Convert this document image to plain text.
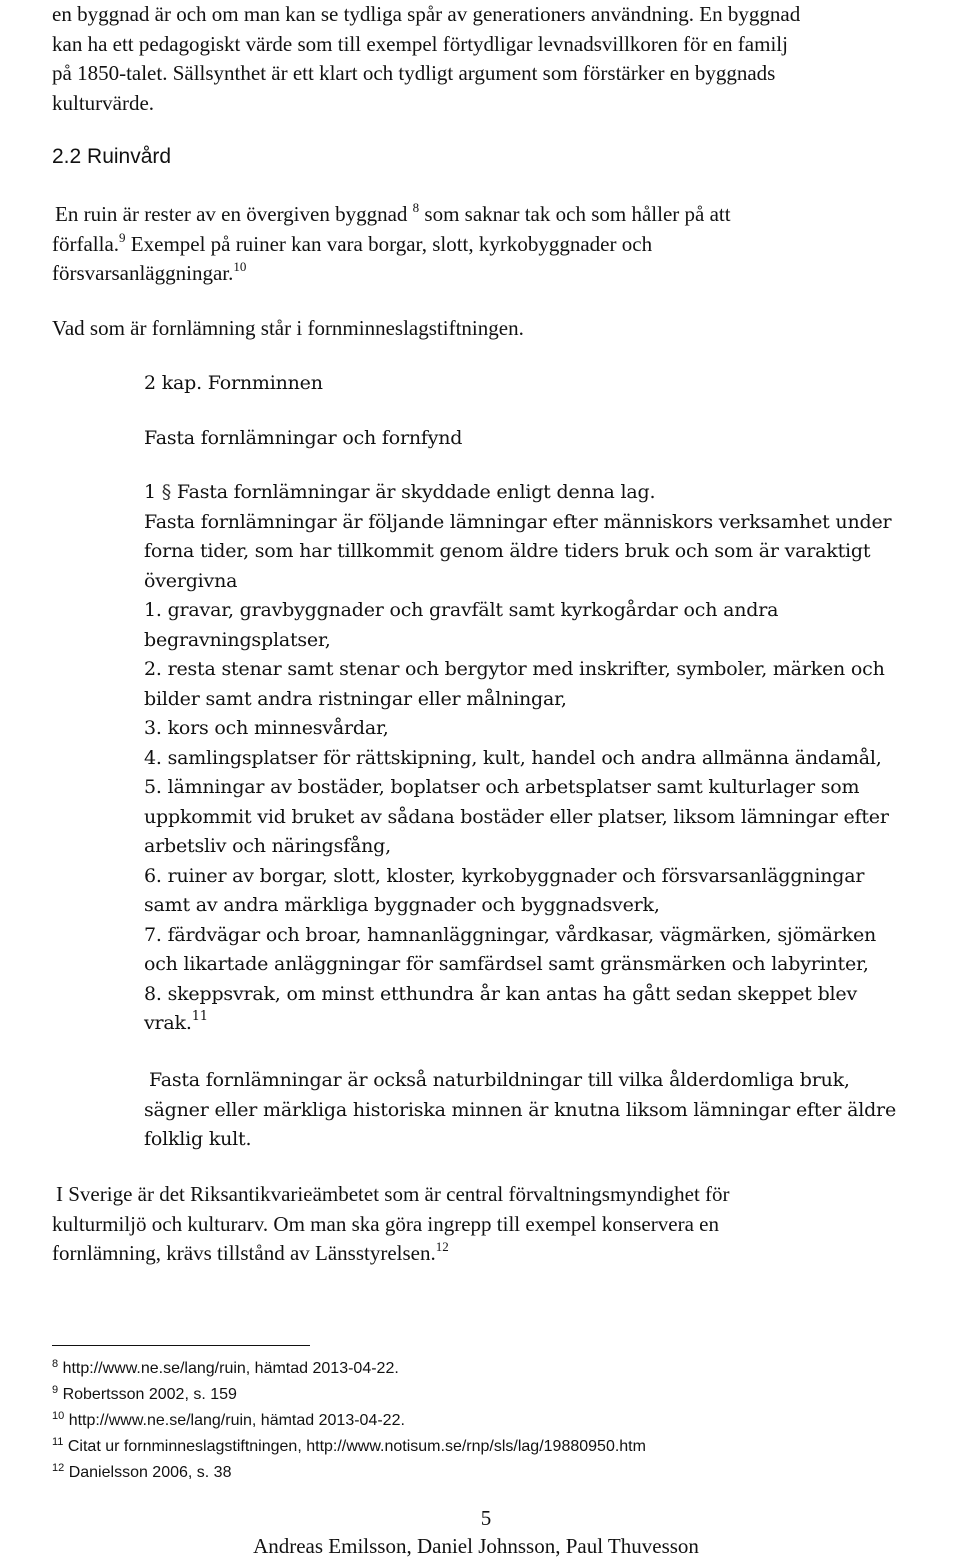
en byggnad är och om man kan se tydliga spår av generationers användning. En byggnad

kan ha ett pedagogiskt värde som till exempel förtydligar levnadsvillkoren för en familj

på 1850-talet. Sällsynthet är ett klart och tydligt argument som förstärker en byggnads

kulturvärde.

2.2 Ruinvård

En ruin är rester av en övergiven byggnad $^8$ som saknar tak och som håller på att

förfalla.$^9$ Exempel på ruiner kan vara borgar, slott, kyrkobyggnader och

försvarsanläggningar.$^{10}$

Vad som är fornlämning står i fornminneslagstiftningen.
2 kap. Fornminnen
Fasta fornlämningar och fornfynd

1 § Fasta fornlämningar är skyddade enligt denna lag.

Fasta fornlämningar är följande lämningar efter människors verksamhet under

forna tider, som har tillkommit genom äldre tiders bruk och som är varaktigt

övergivna

1. gravar, gravbyggnader och gravfält samt kyrkogårdar och andra

begravningsplatser,

2. resta stenar samt stenar och bergytor med inskrifter, symboler, märken och

bilder samt andra ristningar eller målningar,

3. kors och minnesvårdar,

4. samlingsplatser för rättskipning, kult, handel och andra allmänna ändamål,

5. lämningar av bostäder, boplatser och arbetsplatser samt kulturlager som

uppkommit vid bruket av sådana bostäder eller platser, liksom lämningar efter

arbetsliv och näringsfång,

6. ruiner av borgar, slott, kloster, kyrkobyggnader och försvarsanläggningar

samt av andra märkliga byggnader och byggnadsverk,

7. färdvägar och broar, hamnanläggningar, vårdkasar, vägmärken, sjömärken

och likartade anläggningar för samfärdsel samt gränsmärken och labyrinter,

8. skeppsvrak, om minst etthundra år kan antas ha gått sedan skeppet blev

vrak.$^{11}$

Fasta fornlämningar är också naturbildningar till vilka ålderdomliga bruk,

sägner eller märkliga historiska minnen är knutna liksom lämningar efter äldre

folklig kult.

I Sverige är det Riksantikvarieämbetet som är central förvaltningsmyndighet för

kulturmiljö och kulturarv. Om man ska göra ingrepp till exempel konservera en

fornlämning, krävs tillstånd av Länsstyrelsen.$^{12}$

$^8$ http://www.ne.se/lang/ruin, hämtad 2013-04-22.

$^9$ Robertsson 2002, s. 159

$^{10}$ http://www.ne.se/lang/ruin, hämtad 2013-04-22.

$^{11}$ Citat ur fornminneslagstiftningen, http://www.notisum.se/rnp/sls/lag/19880950.htm

$^{12}$ Danielsson 2006, s. 38

5
Andreas Emilsson, Daniel Johnsson, Paul Thuvesson
